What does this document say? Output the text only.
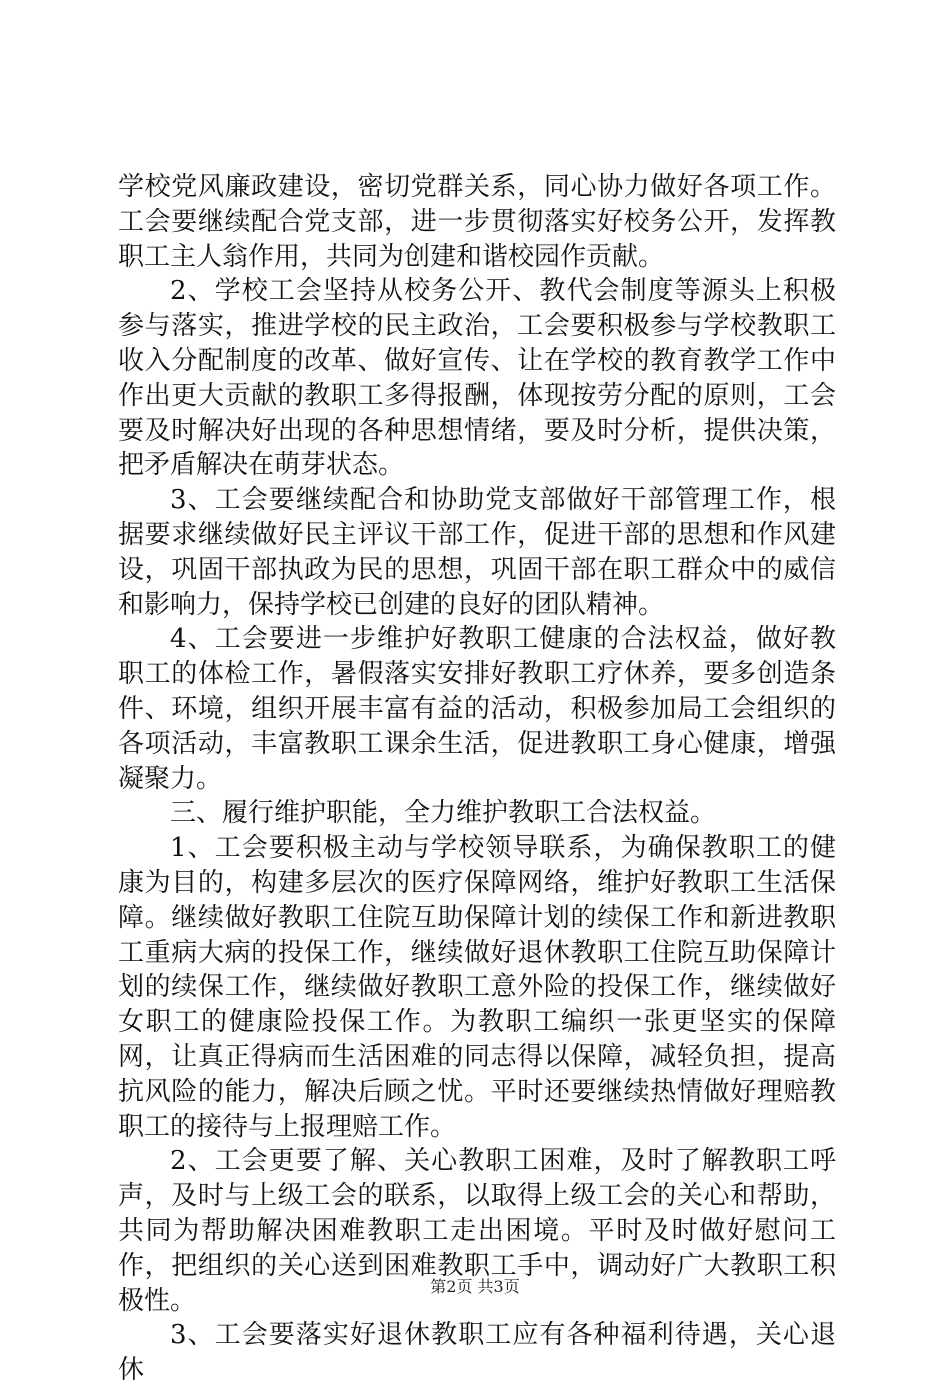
学校党风廉政建设，密切党群关系，同心协力做好各项工作。工会要继续配合党支部，进一步贯彻落实好校务公开，发挥教职工主人翁作用，共同为创建和谐校园作贡献。

2、学校工会坚持从校务公开、教代会制度等源头上积极参与落实，推进学校的民主政治，工会要积极参与学校教职工收入分配制度的改革、做好宣传、让在学校的教育教学工作中作出更大贡献的教职工多得报酬，体现按劳分配的原则，工会要及时解决好出现的各种思想情绪，要及时分析，提供决策，把矛盾解决在萌芽状态。

3、工会要继续配合和协助党支部做好干部管理工作，根据要求继续做好民主评议干部工作，促进干部的思想和作风建设，巩固干部执政为民的思想，巩固干部在职工群众中的威信和影响力，保持学校已创建的良好的团队精神。

4、工会要进一步维护好教职工健康的合法权益，做好教职工的体检工作，暑假落实安排好教职工疗休养，要多创造条件、环境，组织开展丰富有益的活动，积极参加局工会组织的各项活动，丰富教职工课余生活，促进教职工身心健康，增强凝聚力。

三、履行维护职能，全力维护教职工合法权益。

1、工会要积极主动与学校领导联系，为确保教职工的健康为目的，构建多层次的医疗保障网络，维护好教职工生活保障。继续做好教职工住院互助保障计划的续保工作和新进教职工重病大病的投保工作，继续做好退休教职工住院互助保障计划的续保工作，继续做好教职工意外险的投保工作，继续做好女职工的健康险投保工作。为教职工编织一张更坚实的保障网，让真正得病而生活困难的同志得以保障，减轻负担，提高抗风险的能力，解决后顾之忧。平时还要继续热情做好理赔教职工的接待与上报理赔工作。

2、工会更要了解、关心教职工困难，及时了解教职工呼声，及时与上级工会的联系，以取得上级工会的关心和帮助，共同为帮助解决困难教职工走出困境。平时及时做好慰问工作，把组织的关心送到困难教职工手中，调动好广大教职工积极性。

3、工会要落实好退休教职工应有各种福利待遇，关心退休

第2页 共3页
